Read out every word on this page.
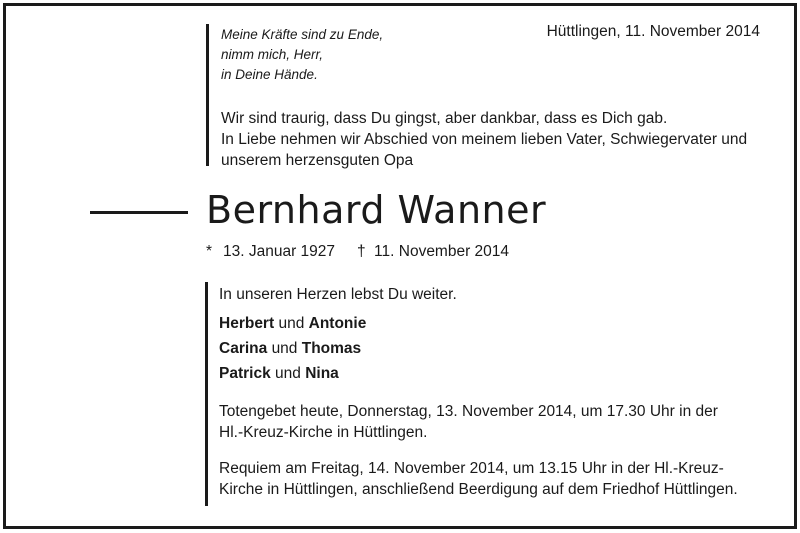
Meine Kräfte sind zu Ende,
nimm mich, Herr,
in Deine Hände.
Hüttlingen, 11. November 2014
Wir sind traurig, dass Du gingst, aber dankbar, dass es Dich gab.
In Liebe nehmen wir Abschied von meinem lieben Vater, Schwiegervater und
unserem herzensguten Opa
Bernhard Wanner
* 13. Januar 1927 † 11. November 2014
In unseren Herzen lebst Du weiter.
Herbert und Antonie
Carina und Thomas
Patrick und Nina
Totengebet heute, Donnerstag, 13. November 2014, um 17.30 Uhr in der
Hl.-Kreuz-Kirche in Hüttlingen.
Requiem am Freitag, 14. November 2014, um 13.15 Uhr in der Hl.-Kreuz-
Kirche in Hüttlingen, anschließend Beerdigung auf dem Friedhof Hüttlingen.
